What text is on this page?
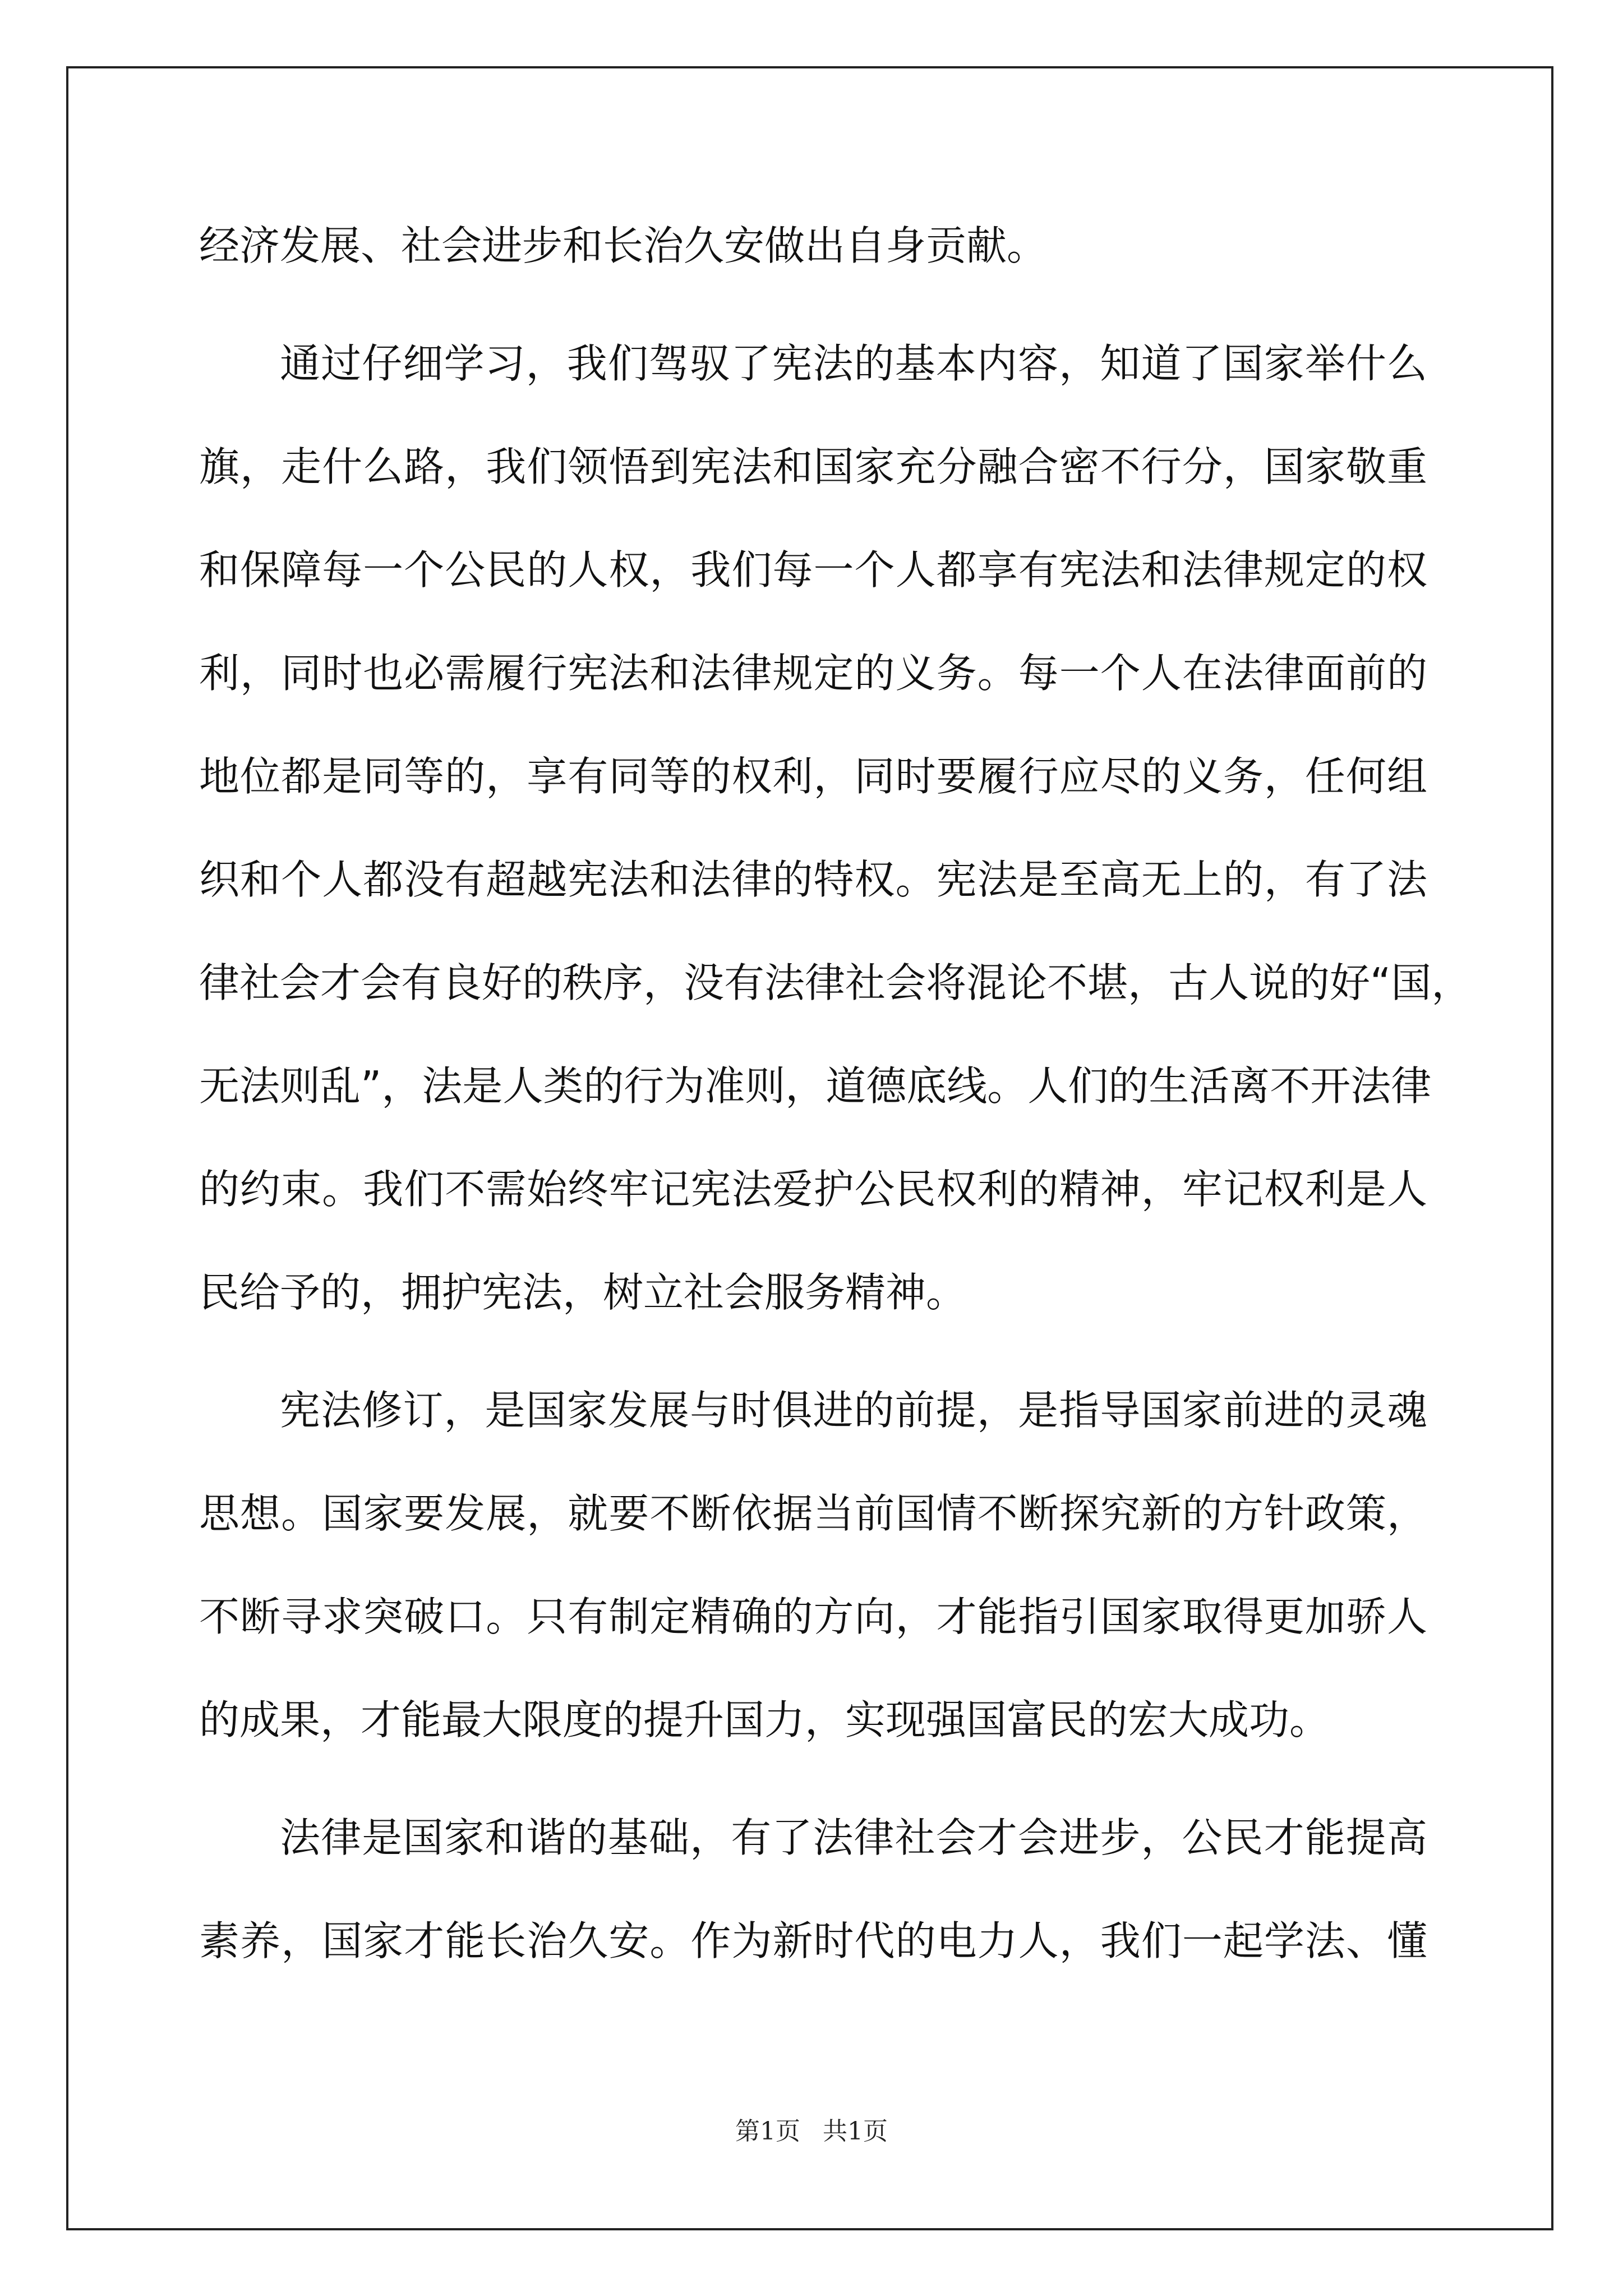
经济发展、社会进步和长治久安做出自身贡献。
通过仔细学习，我们驾驭了宪法的基本内容，知道了国家举什么
旗，走什么路，我们领悟到宪法和国家充分融合密不行分，国家敬重
和保障每一个公民的人权，我们每一个人都享有宪法和法律规定的权
利，同时也必需履行宪法和法律规定的义务。每一个人在法律面前的
地位都是同等的，享有同等的权利，同时要履行应尽的义务，任何组
织和个人都没有超越宪法和法律的特权。宪法是至高无上的，有了法
律社会才会有良好的秩序，没有法律社会将混论不堪，古人说的好“国，
无法则乱”，法是人类的行为准则，道德底线。人们的生活离不开法律
的约束。我们不需始终牢记宪法爱护公民权利的精神，牢记权利是人
民给予的，拥护宪法，树立社会服务精神。
宪法修订，是国家发展与时俱进的前提，是指导国家前进的灵魂
思想。国家要发展，就要不断依据当前国情不断探究新的方针政策，
不断寻求突破口。只有制定精确的方向，才能指引国家取得更加骄人
的成果，才能最大限度的提升国力，实现强国富民的宏大成功。
法律是国家和谐的基础，有了法律社会才会进步，公民才能提高
素养，国家才能长治久安。作为新时代的电力人，我们一起学法、懂
第1页 共1页
